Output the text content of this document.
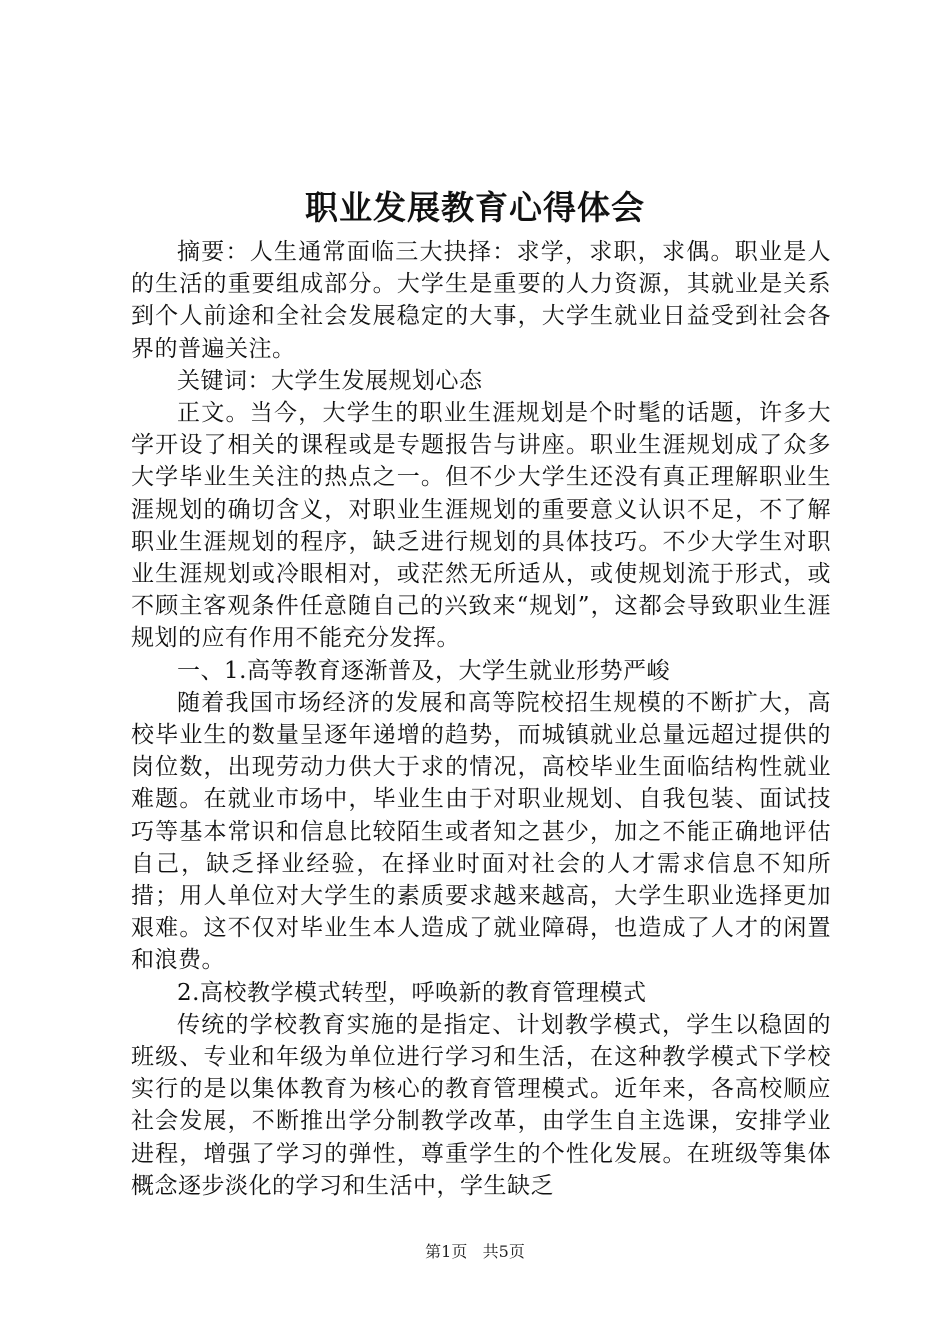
职业发展教育心得体会

摘要：人生通常面临三大抉择：求学，求职，求偶。职业是人的生活的重要组成部分。大学生是重要的人力资源，其就业是关系到个人前途和全社会发展稳定的大事，大学生就业日益受到社会各界的普遍关注。

关键词：大学生发展规划心态

正文。当今，大学生的职业生涯规划是个时髦的话题，许多大学开设了相关的课程或是专题报告与讲座。职业生涯规划成了众多大学毕业生关注的热点之一。但不少大学生还没有真正理解职业生涯规划的确切含义，对职业生涯规划的重要意义认识不足，不了解职业生涯规划的程序，缺乏进行规划的具体技巧。不少大学生对职业生涯规划或冷眼相对，或茫然无所适从，或使规划流于形式，或不顾主客观条件任意随自己的兴致来“规划”，这都会导致职业生涯规划的应有作用不能充分发挥。

一、1.高等教育逐渐普及，大学生就业形势严峻

随着我国市场经济的发展和高等院校招生规模的不断扩大，高校毕业生的数量呈逐年递增的趋势，而城镇就业总量远超过提供的岗位数，出现劳动力供大于求的情况，高校毕业生面临结构性就业难题。在就业市场中，毕业生由于对职业规划、自我包装、面试技巧等基本常识和信息比较陌生或者知之甚少，加之不能正确地评估自己，缺乏择业经验，在择业时面对社会的人才需求信息不知所措；用人单位对大学生的素质要求越来越高，大学生职业选择更加艰难。这不仅对毕业生本人造成了就业障碍，也造成了人才的闲置和浪费。

2.高校教学模式转型，呼唤新的教育管理模式

传统的学校教育实施的是指定、计划教学模式，学生以稳固的班级、专业和年级为单位进行学习和生活，在这种教学模式下学校实行的是以集体教育为核心的教育管理模式。近年来，各高校顺应社会发展，不断推出学分制教学改革，由学生自主选课，安排学业进程，增强了学习的弹性，尊重学生的个性化发展。在班级等集体概念逐步淡化的学习和生活中，学生缺乏

第1页 共5页
